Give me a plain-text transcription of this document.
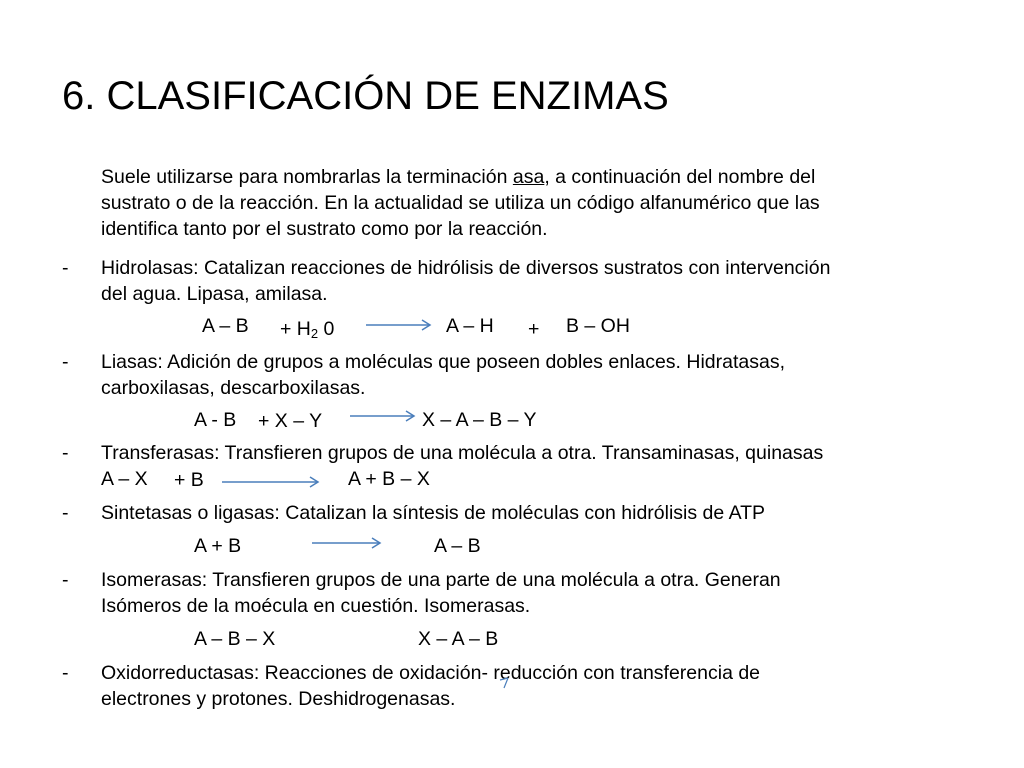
6. CLASIFICACIÓN DE ENZIMAS
Suele utilizarse para nombrarlas la terminación asa, a continuación del nombre del
sustrato o de la reacción. En la actualidad se utiliza un código alfanumérico que las
identifica tanto por el sustrato como por la reacción.
- Hidrolasas: Catalizan reacciones de hidrólisis de diversos sustratos con intervención
del agua. Lipasa, amilasa.
$A - B + H_2$ 0	A – H + B – OH
- Liasas: Adición de grupos a moléculas que poseen dobles enlaces. Hidratasas,
carboxilasas, descarboxilasas.
A - B + X – Y	X – A – B – Y
- Transferasas: Transfieren grupos de una molécula a otra. Transaminasas, quinasas
A – X + B	A + B – X
- Sintetasas o ligasas: Catalizan la síntesis de moléculas con hidrólisis de ATP
A + B	A – B
- Isomerasas: Transfieren grupos de una parte de una molécula a otra. Generan
Isómeros de la moécula en cuestión. Isomerasas.
A – B – X	X – A – B
- Oxidorreductasas: Reacciones de oxidación- reducción con transferencia de
electrones y protones. Deshidrogenasas.
